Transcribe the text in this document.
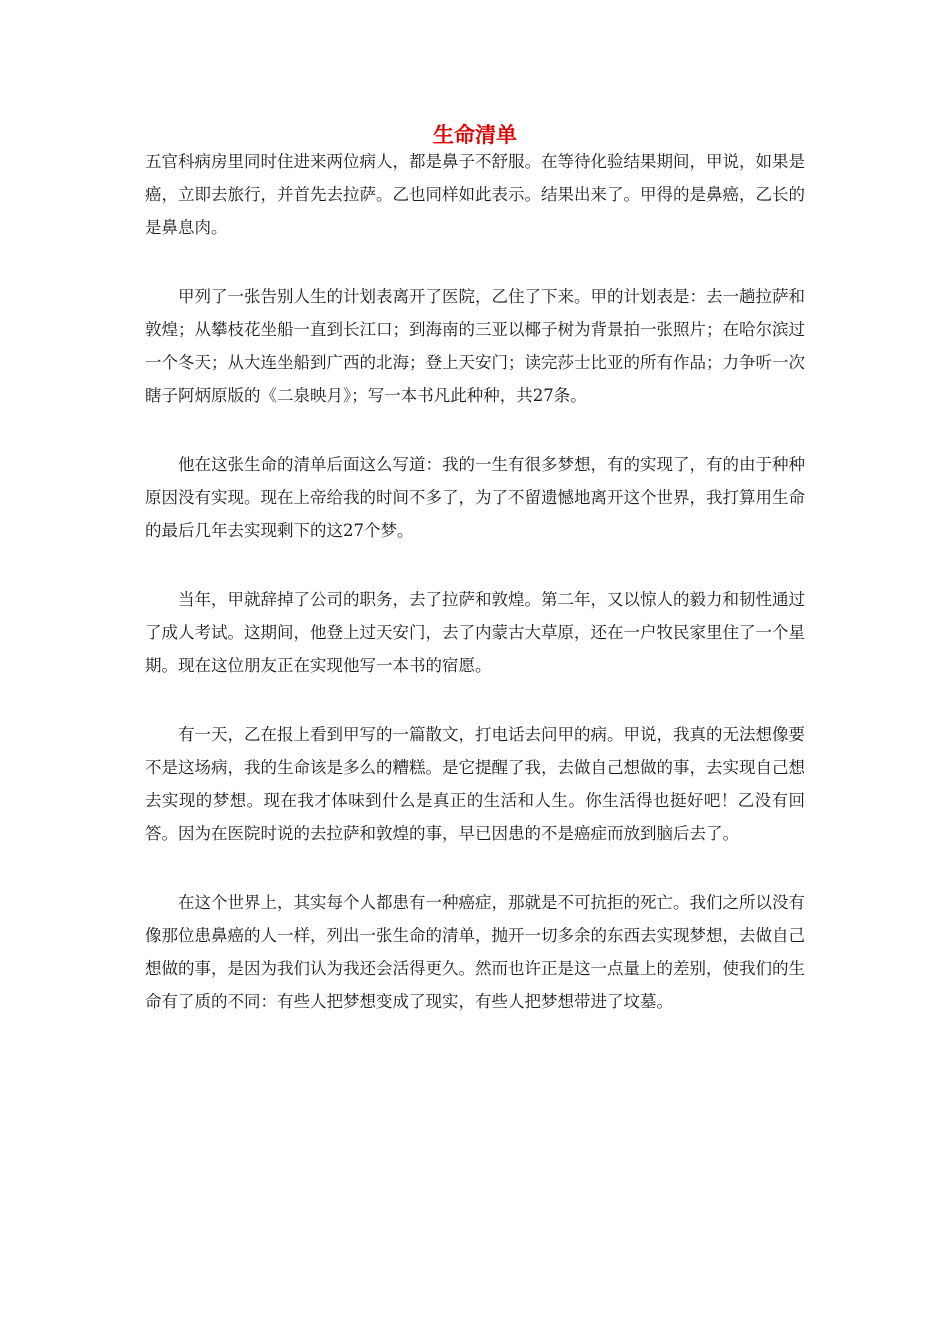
生命清单

五官科病房里同时住进来两位病人，都是鼻子不舒服。在等待化验结果期间，甲说，如果是癌，立即去旅行，并首先去拉萨。乙也同样如此表示。结果出来了。甲得的是鼻癌，乙长的是鼻息肉。

甲列了一张告别人生的计划表离开了医院，乙住了下来。甲的计划表是：去一趟拉萨和敦煌；从攀枝花坐船一直到长江口；到海南的三亚以椰子树为背景拍一张照片；在哈尔滨过一个冬天；从大连坐船到广西的北海；登上天安门；读完莎士比亚的所有作品；力争听一次瞎子阿炳原版的《二泉映月》；写一本书凡此种种，共27条。

他在这张生命的清单后面这么写道：我的一生有很多梦想，有的实现了，有的由于种种原因没有实现。现在上帝给我的时间不多了，为了不留遗憾地离开这个世界，我打算用生命的最后几年去实现剩下的这27个梦。

当年，甲就辞掉了公司的职务，去了拉萨和敦煌。第二年，又以惊人的毅力和韧性通过了成人考试。这期间，他登上过天安门，去了内蒙古大草原，还在一户牧民家里住了一个星期。现在这位朋友正在实现他写一本书的宿愿。

有一天，乙在报上看到甲写的一篇散文，打电话去问甲的病。甲说，我真的无法想像要不是这场病，我的生命该是多么的糟糕。是它提醒了我，去做自己想做的事，去实现自己想去实现的梦想。现在我才体味到什么是真正的生活和人生。你生活得也挺好吧！乙没有回答。因为在医院时说的去拉萨和敦煌的事，早已因患的不是癌症而放到脑后去了。

在这个世界上，其实每个人都患有一种癌症，那就是不可抗拒的死亡。我们之所以没有像那位患鼻癌的人一样，列出一张生命的清单，抛开一切多余的东西去实现梦想，去做自己想做的事，是因为我们认为我还会活得更久。然而也许正是这一点量上的差别，使我们的生命有了质的不同：有些人把梦想变成了现实，有些人把梦想带进了坟墓。
